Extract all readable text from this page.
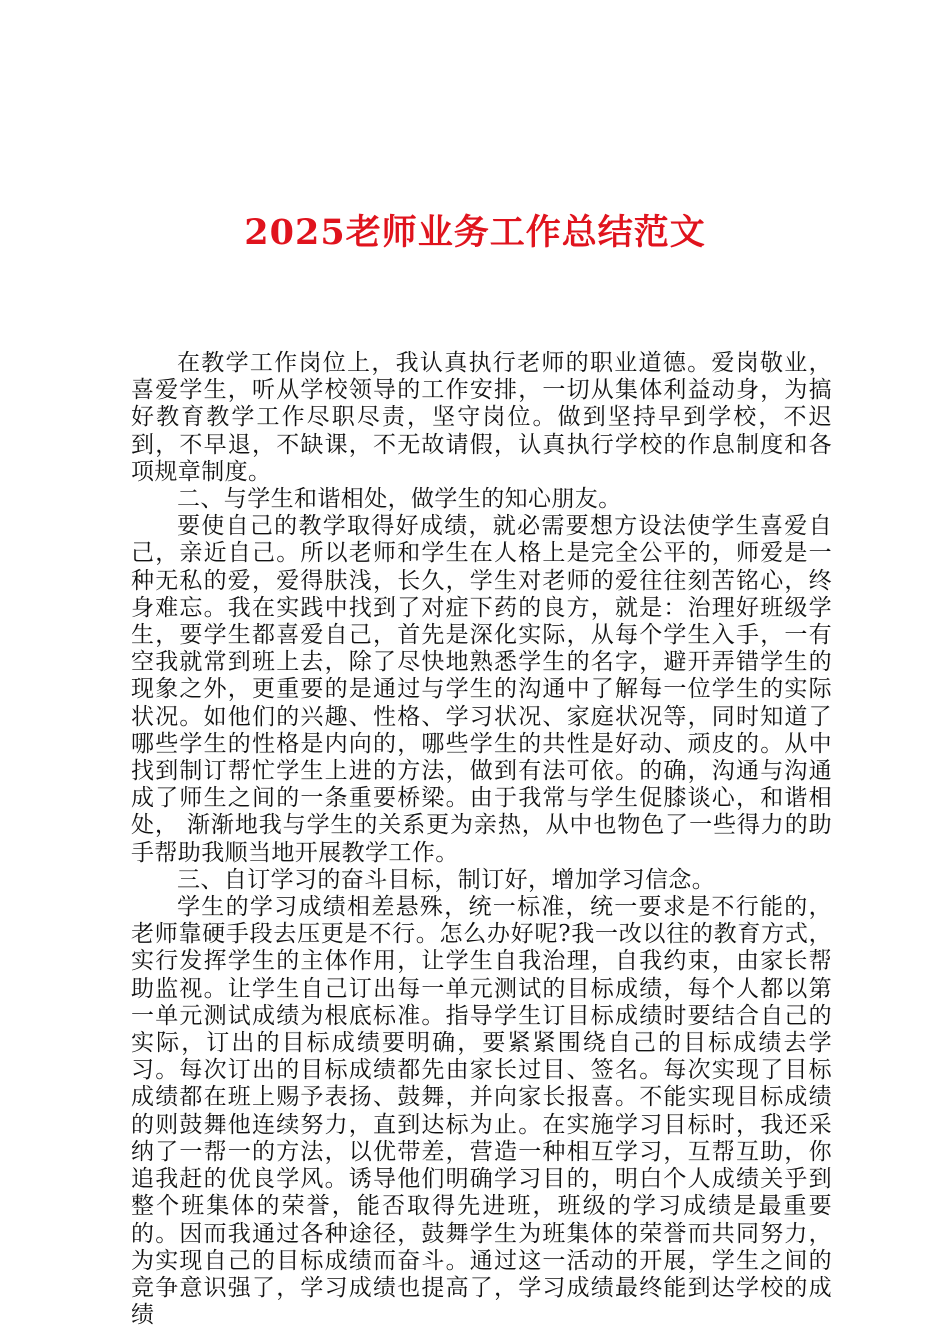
2025老师业务工作总结范文

在教学工作岗位上，我认真执行老师的职业道德。爱岗敬业，喜爱学生，听从学校领导的工作安排，一切从集体利益动身，为搞好教育教学工作尽职尽责，坚守岗位。做到坚持早到学校，不迟到，不早退，不缺课，不无故请假，认真执行学校的作息制度和各项规章制度。

二、与学生和谐相处，做学生的知心朋友。

要使自己的教学取得好成绩，就必需要想方设法使学生喜爱自己，亲近自己。所以老师和学生在人格上是完全公平的，师爱是一种无私的爱，爱得肤浅，长久，学生对老师的爱往往刻苦铭心，终身难忘。我在实践中找到了对症下药的良方，就是：治理好班级学生，要学生都喜爱自己，首先是深化实际，从每个学生入手，一有空我就常到班上去，除了尽快地熟悉学生的名字，避开弄错学生的现象之外，更重要的是通过与学生的沟通中了解每一位学生的实际状况。如他们的兴趣、性格、学习状况、家庭状况等，同时知道了哪些学生的性格是内向的，哪些学生的共性是好动、顽皮的。从中找到制订帮忙学生上进的方法，做到有法可依。的确，沟通与沟通成了师生之间的一条重要桥梁。由于我常与学生促膝谈心，和谐相处， 渐渐地我与学生的关系更为亲热，从中也物色了一些得力的助手帮助我顺当地开展教学工作。

三、自订学习的奋斗目标，制订好，增加学习信念。

学生的学习成绩相差悬殊，统一标准，统一要求是不行能的，老师靠硬手段去压更是不行。怎么办好呢?我一改以往的教育方式，实行发挥学生的主体作用，让学生自我治理，自我约束，由家长帮助监视。让学生自己订出每一单元测试的目标成绩，每个人都以第一单元测试成绩为根底标准。指导学生订目标成绩时要结合自己的实际，订出的目标成绩要明确，要紧紧围绕自己的目标成绩去学习。每次订出的目标成绩都先由家长过目、签名。每次实现了目标成绩都在班上赐予表扬、鼓舞，并向家长报喜。不能实现目标成绩的则鼓舞他连续努力，直到达标为止。在实施学习目标时，我还采纳了一帮一的方法，以优带差，营造一种相互学习，互帮互助，你追我赶的优良学风。诱导他们明确学习目的，明白个人成绩关乎到整个班集体的荣誉，能否取得先进班，班级的学习成绩是最重要的。因而我通过各种途径，鼓舞学生为班集体的荣誉而共同努力，为实现自己的目标成绩而奋斗。通过这一活动的开展，学生之间的竞争意识强了，学习成绩也提高了，学习成绩最终能到达学校的成绩
